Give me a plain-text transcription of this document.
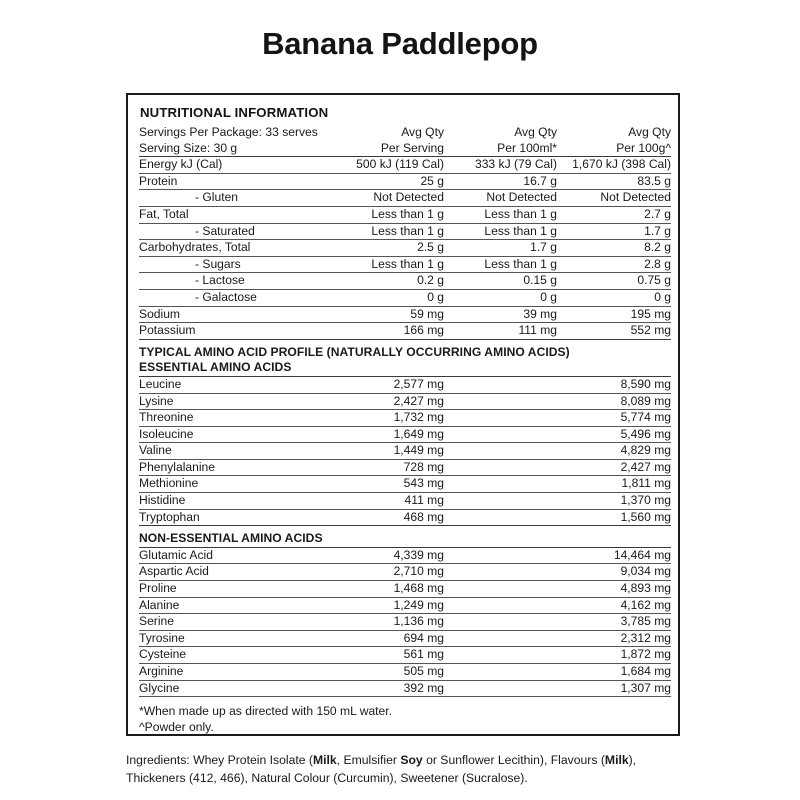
Banana Paddlepop
NUTRITIONAL INFORMATION
Servings Per Package: 33 serves	Avg Qty	Avg Qty	Avg Qty
Serving Size: 30 g	Per Serving	Per 100ml*	Per 100g^
Energy kJ (Cal)	500 kJ (119 Cal)	333 kJ (79 Cal)	1,670 kJ (398 Cal)
Protein	25 g	16.7 g	83.5 g
- Gluten	Not Detected	Not Detected	Not Detected
Fat, Total	Less than 1 g	Less than 1 g	2.7 g
- Saturated	Less than 1 g	Less than 1 g	1.7 g
Carbohydrates, Total	2.5 g	1.7 g	8.2 g
- Sugars	Less than 1 g	Less than 1 g	2.8 g
- Lactose	0.2 g	0.15 g	0.75 g
- Galactose	0 g	0 g	0 g
Sodium	59 mg	39 mg	195 mg
Potassium	166 mg	111 mg	552 mg
TYPICAL AMINO ACID PROFILE (NATURALLY OCCURRING AMINO ACIDS)			
ESSENTIAL AMINO ACIDS			
Leucine	2,577 mg		8,590 mg
Lysine	2,427 mg		8,089 mg
Threonine	1,732 mg		5,774 mg
Isoleucine	1,649 mg		5,496 mg
Valine	1,449 mg		4,829 mg
Phenylalanine	728 mg		2,427 mg
Methionine	543 mg		1,811 mg
Histidine	411 mg		1,370 mg
Tryptophan	468 mg		1,560 mg
NON-ESSENTIAL AMINO ACIDS			
Glutamic Acid	4,339 mg		14,464 mg
Aspartic Acid	2,710 mg		9,034 mg
Proline	1,468 mg		4,893 mg
Alanine	1,249 mg		4,162 mg
Serine	1,136 mg		3,785 mg
Tyrosine	694 mg		2,312 mg
Cysteine	561 mg		1,872 mg
Arginine	505 mg		1,684 mg
Glycine	392 mg		1,307 mg

*When made up as directed with 150 mL water.
^Powder only.
Ingredients: Whey Protein Isolate (Milk, Emulsifier Soy or Sunflower Lecithin), Flavours (Milk), Thickeners (412, 466), Natural Colour (Curcumin), Sweetener (Sucralose).
